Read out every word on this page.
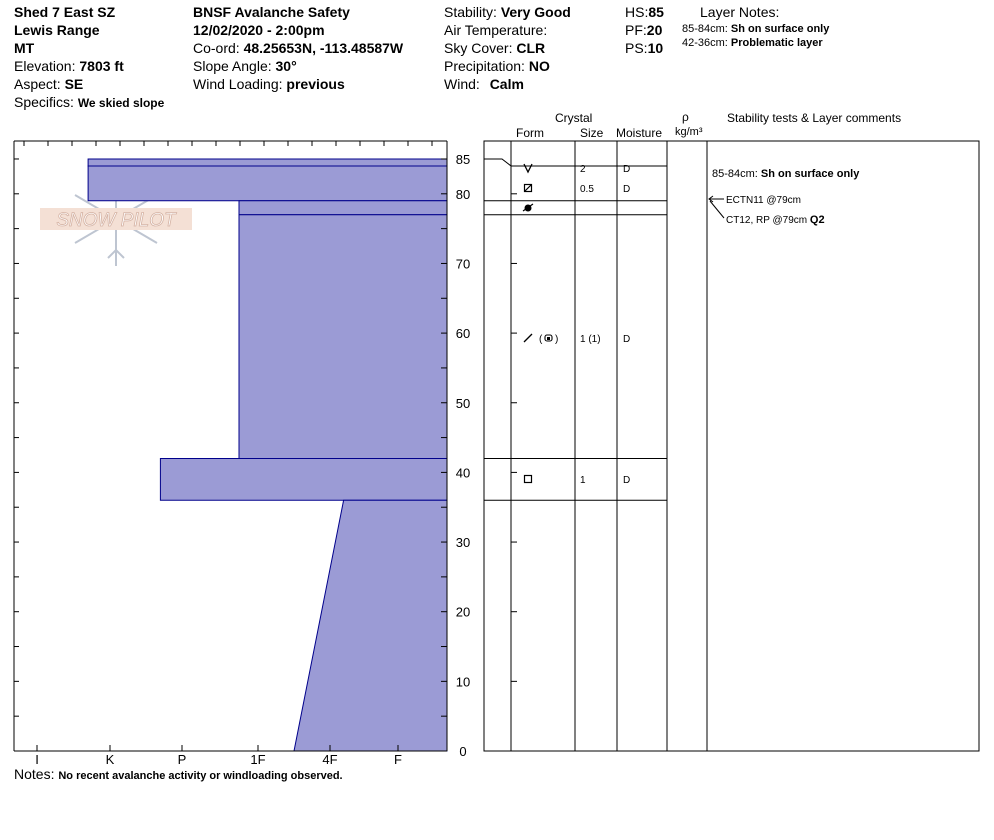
Shed 7 East SZ
Lewis Range
MT
Elevation: 7803 ft
Aspect: SE
Specifics: We skied slope
BNSF Avalanche Safety
12/02/2020 - 2:00pm
Co-ord: 48.25653N, -113.48587W
Slope Angle: 30°
Wind Loading: previous
Stability: Very Good
Air Temperature:
Sky Cover: CLR
Precipitation: NO
Wind: Calm
HS:85
PF:20
PS:10
Layer Notes:
85-84cm: Sh on surface only
42-36cm: Problematic layer
Crystal
Form	Size Moisture
ρ
kg/m³
Stability tests & Layer comments
SNOW PILOT
I	K	P	1F	4F	F
0
10
20
30
40
50
60
70
80
85
2	D
0.5	D
( ) 1 (1) D
1	D
85-84cm: Sh on surface only
ECTN11 @79cm
CT12, RP @79cm Q2
Notes: No recent avalanche activity or windloading observed.
